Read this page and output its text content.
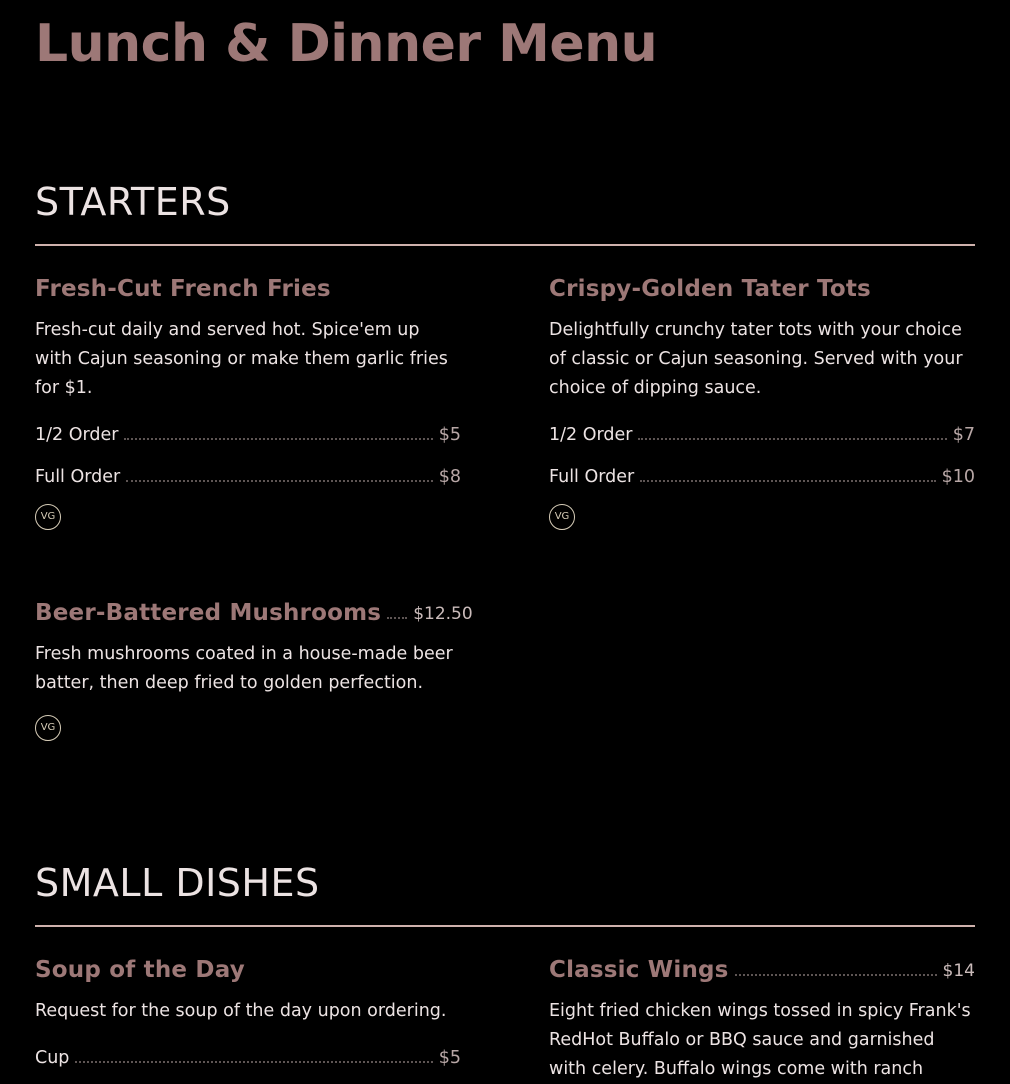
Lunch & Dinner Menu
STARTERS
Fresh-Cut French Fries
Fresh-cut daily and served hot. Spice'em up with Cajun seasoning or make them garlic fries for $1.
1/2 Order	$5
Full Order	$8
VG
Crispy-Golden Tater Tots
Delightfully crunchy tater tots with your choice of classic or Cajun seasoning. Served with your choice of dipping sauce.
1/2 Order	$7
Full Order	$10
VG
Beer-Battered Mushrooms $12.50
Fresh mushrooms coated in a house-made beer batter, then deep fried to golden perfection.
VG
SMALL DISHES
Soup of the Day
Request for the soup of the day upon ordering.
Cup	$5
Classic Wings	$14
Eight fried chicken wings tossed in spicy Frank's RedHot Buffalo or BBQ sauce and garnished with celery. Buffalo wings come with ranch
